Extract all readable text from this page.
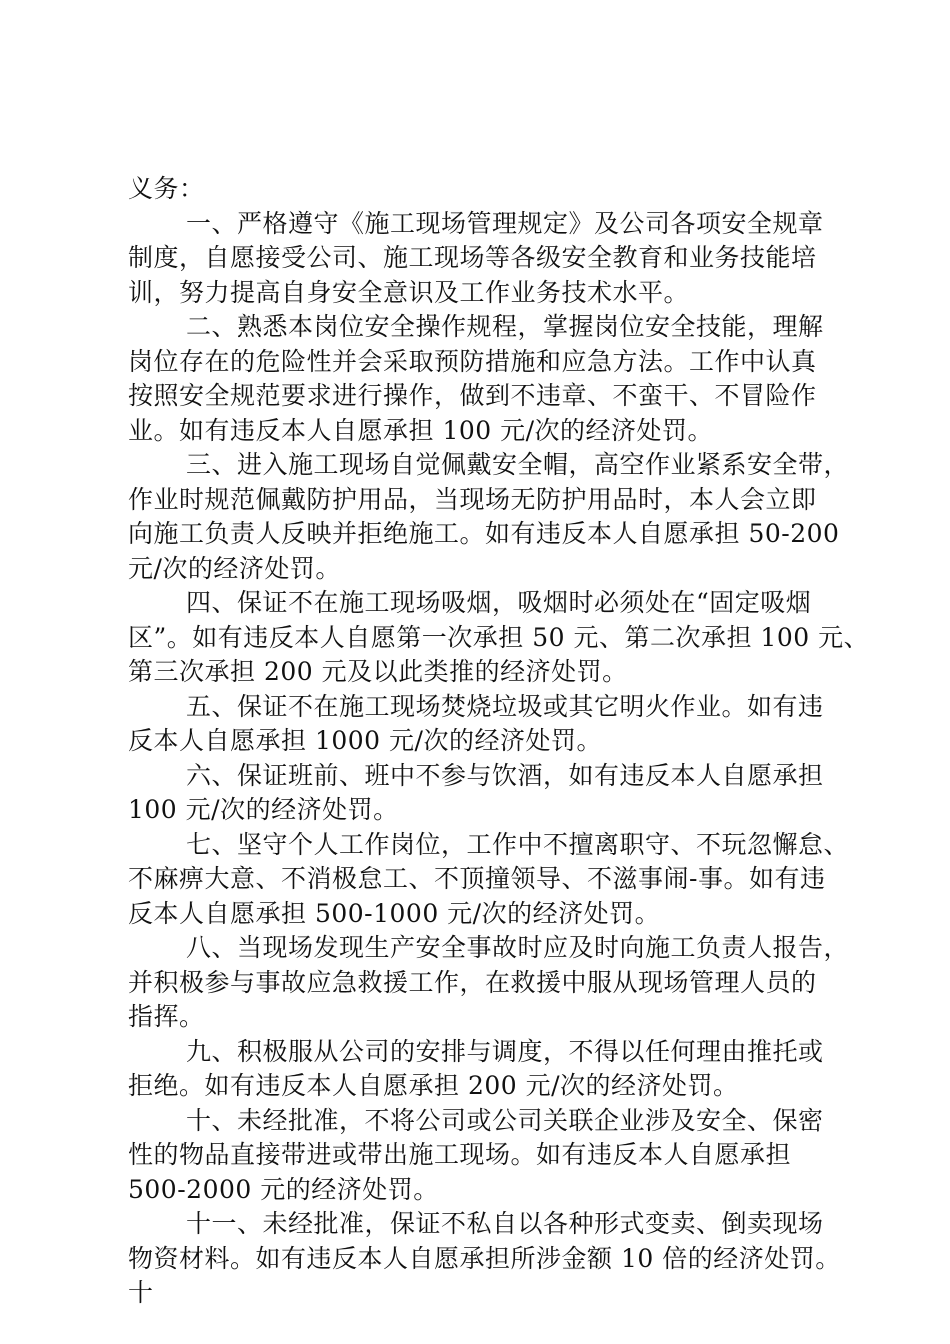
义务：
一、严格遵守《施工现场管理规定》及公司各项安全规章
制度，自愿接受公司、施工现场等各级安全教育和业务技能培
训，努力提高自身安全意识及工作业务技术水平。
二、熟悉本岗位安全操作规程，掌握岗位安全技能，理解
岗位存在的危险性并会采取预防措施和应急方法。工作中认真
按照安全规范要求进行操作，做到不违章、不蛮干、不冒险作
业。如有违反本人自愿承担 100 元/次的经济处罚。
三、进入施工现场自觉佩戴安全帽，高空作业紧系安全带，
作业时规范佩戴防护用品，当现场无防护用品时，本人会立即
向施工负责人反映并拒绝施工。如有违反本人自愿承担 50-200
元/次的经济处罚。
四、保证不在施工现场吸烟，吸烟时必须处在“固定吸烟
区”。如有违反本人自愿第一次承担 50 元、第二次承担 100 元、
第三次承担 200 元及以此类推的经济处罚。
五、保证不在施工现场焚烧垃圾或其它明火作业。如有违
反本人自愿承担 1000 元/次的经济处罚。
六、保证班前、班中不参与饮酒，如有违反本人自愿承担
100 元/次的经济处罚。
七、坚守个人工作岗位，工作中不擅离职守、不玩忽懈怠、
不麻痹大意、不消极怠工、不顶撞领导、不滋事闹-事。如有违
反本人自愿承担 500-1000 元/次的经济处罚。
八、当现场发现生产安全事故时应及时向施工负责人报告，
并积极参与事故应急救援工作，在救援中服从现场管理人员的
指挥。
九、积极服从公司的安排与调度，不得以任何理由推托或
拒绝。如有违反本人自愿承担 200 元/次的经济处罚。
十、未经批准，不将公司或公司关联企业涉及安全、保密
性的物品直接带进或带出施工现场。如有违反本人自愿承担
500-2000 元的经济处罚。
十一、未经批准，保证不私自以各种形式变卖、倒卖现场
物资材料。如有违反本人自愿承担所涉金额 10 倍的经济处罚。
十
